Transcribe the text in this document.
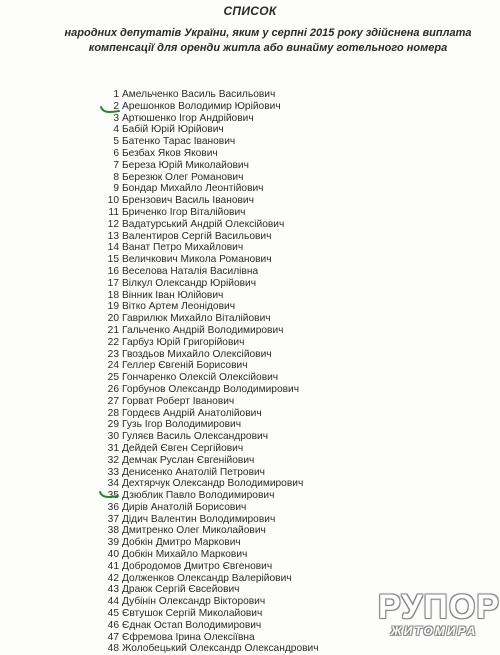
СПИСОК
народних депутатів України, яким у серпні 2015 року здійснена виплата
компенсації для оренди житла або винайму готельного номера
1 Амельченко Василь Васильович
2 Арешонков Володимир Юрійович
3 Артюшенко Ігор Андрійович
4 Бабій Юрій Юрійович
5 Батенко Тарас Іванович
6 Безбах Яков Якович
7 Береза Юрій Миколайович
8 Березюк Олег Романович
9 Бондар Михайло Леонтійович
10 Брензович Василь Іванович
11 Бриченко Ігор Віталійович
12 Вадатурський Андрій Олексійович
13 Валентиров Сергій Васильович
14 Ванат Петро Михайлович
15 Величкович Микола Романович
16 Веселова Наталія Василівна
17 Вілкул Олександр Юрійович
18 Вінник Іван Юлійович
19 Вітко Артем Леонідович
20 Гаврилюк Михайло Віталійович
21 Гальченко Андрій Володимирович
22 Гарбуз Юрій Григорійович
23 Гвоздьов Михайло Олексійович
24 Геллер Євгеній Борисович
25 Гончаренко Олексій Олексійович
26 Горбунов Олександр Володимирович
27 Горват Роберт Іванович
28 Гордеєв Андрій Анатолійович
29 Гузь Ігор Володимирович
30 Гуляєв Василь Олександрович
31 Дейдей Євген Сергійович
32 Демчак Руслан Євгенійович
33 Денисенко Анатолій Петрович
34 Дехтярчук Олександр Володимирович
35 Дзюблик Павло Володимирович
36 Дирів Анатолій Борисович
37 Дідич Валентин Володимирович
38 Дмитренко Олег Миколайович
39 Добкін Дмитро Маркович
40 Добкін Михайло Маркович
41 Добродомов Дмитро Євгенович
42 Долженков Олександр Валерійович
43 Драюк Сергій Євсейович
44 Дубінін Олександр Вікторович
45 Євтушок Сергій Миколайович
46 Єднак Остап Володимирович
47 Єфремова Ірина Олексіївна
48 Жолобецький Олександр Олександрович
РУПОР
ЖИТОМИРА
